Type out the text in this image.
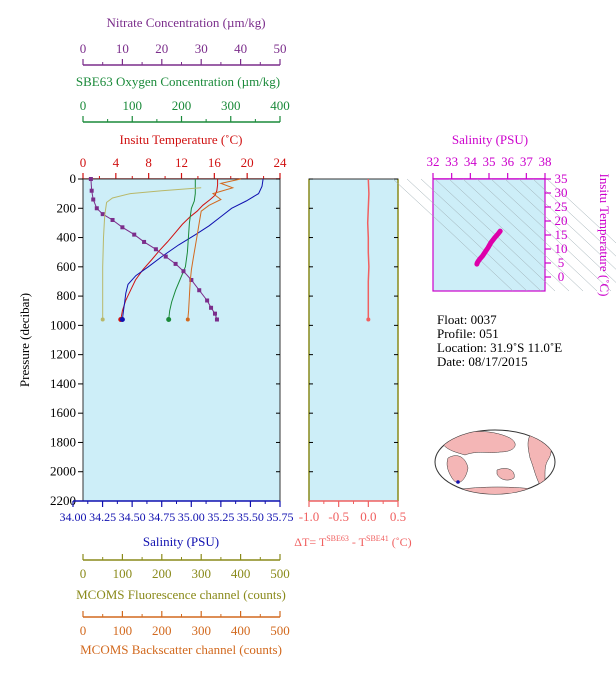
Nitrate Concentration (µm/kg)
0 10 20 30 40 50
SBE63 Oxygen Concentration (µm/kg)
0	100 200 300 400
Insitu Temperature (˚C)
0 4 8 12 16 20 24
0
200
400
600
800
1000
1200
1400
1600
1800
2000
2200
Pressure (decibar)
34.00 34.25 34.50 34.75 35.00 35.25 35.50 35.75
Salinity (PSU)
0 100 200 300 400 500
MCOMS Fluorescence channel (counts)
0 100 200 300 400 500
MCOMS Backscatter channel (counts)
-1.0 -0.5 0.0 0.5
$\Delta T= T^{SBE63} - T^{SBE41}$ (˚C)
Salinity (PSU)
32 33 34 35 36 37 38
0
5
10
15
20
25
30
35 Insitu Temperature (˚C)
Float: 0037
Profile: 051
Location: 31.9˚S 11.0˚E
Date: 08/17/2015
